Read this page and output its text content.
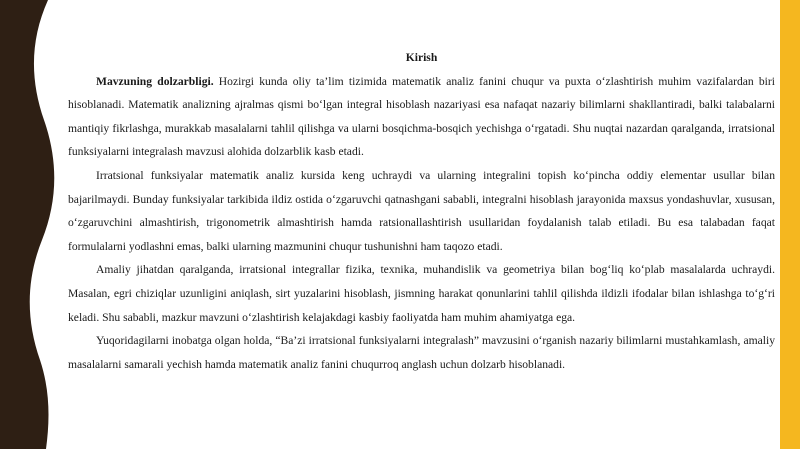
Kirish

Mavzuning dolzarbligi. Hozirgi kunda oliy ta’lim tizimida matematik analiz fanini chuqur va puxta o‘zlashtirish muhim vazifalardan biri hisoblanadi. Matematik analizning ajralmas qismi bo‘lgan integral hisoblash nazariyasi esa nafaqat nazariy bilimlarni shakllantiradi, balki talabalarni mantiqiy fikrlashga, murakkab masalalarni tahlil qilishga va ularni bosqichma-bosqich yechishga o‘rgatadi. Shu nuqtai nazardan qaralganda, irratsional funksiyalarni integralash mavzusi alohida dolzarblik kasb etadi.

Irratsional funksiyalar matematik analiz kursida keng uchraydi va ularning integralini topish ko‘pincha oddiy elementar usullar bilan bajarilmaydi. Bunday funksiyalar tarkibida ildiz ostida o‘zgaruvchi qatnashgani sababli, integralni hisoblash jarayonida maxsus yondashuvlar, xususan, o‘zgaruvchini almashtirish, trigonometrik almashtirish hamda ratsionallashtirish usullaridan foydalanish talab etiladi. Bu esa talabadan faqat formulalarni yodlashni emas, balki ularning mazmunini chuqur tushunishni ham taqozo etadi.

Amaliy jihatdan qaralganda, irratsional integrallar fizika, texnika, muhandislik va geometriya bilan bog‘liq ko‘plab masalalarda uchraydi. Masalan, egri chiziqlar uzunligini aniqlash, sirt yuzalarini hisoblash, jismning harakat qonunlarini tahlil qilishda ildizli ifodalar bilan ishlashga to‘g‘ri keladi. Shu sababli, mazkur mavzuni o‘zlashtirish kelajakdagi kasbiy faoliyatda ham muhim ahamiyatga ega.

Yuqoridagilarni inobatga olgan holda, “Ba’zi irratsional funksiyalarni integralash” mavzusini o‘rganish nazariy bilimlarni mustahkamlash, amaliy masalalarni samarali yechish hamda matematik analiz fanini chuqurroq anglash uchun dolzarb hisoblanadi.
